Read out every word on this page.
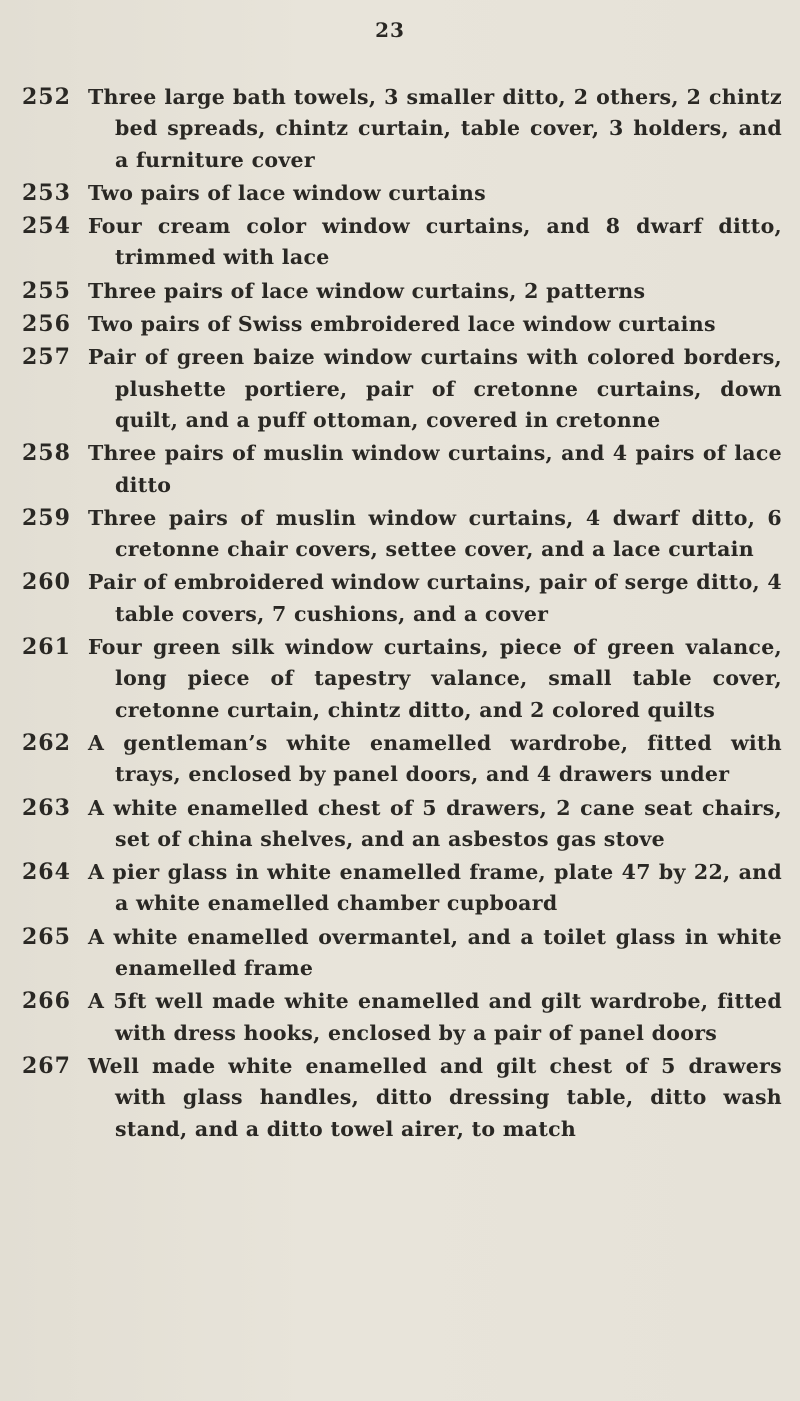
23
252 Three large bath towels, 3 smaller ditto, 2 others, 2 chintz bed spreads, chintz curtain, table cover, 3 holders, and a furniture cover
253 Two pairs of lace window curtains
254 Four cream color window curtains, and 8 dwarf ditto, trimmed with lace
255 Three pairs of lace window curtains, 2 patterns
256 Two pairs of Swiss embroidered lace window curtains
257 Pair of green baize window curtains with colored borders, plushette portiere, pair of cretonne curtains, down quilt, and a puff ottoman, covered in cretonne
258 Three pairs of muslin window curtains, and 4 pairs of lace ditto
259 Three pairs of muslin window curtains, 4 dwarf ditto, 6 cretonne chair covers, settee cover, and a lace curtain
260 Pair of embroidered window curtains, pair of serge ditto, 4 table covers, 7 cushions, and a cover
261 Four green silk window curtains, piece of green valance, long piece of tapestry valance, small table cover, cretonne curtain, chintz ditto, and 2 colored quilts
262 A gentleman’s white enamelled wardrobe, fitted with trays, enclosed by panel doors, and 4 drawers under
263 A white enamelled chest of 5 drawers, 2 cane seat chairs, set of china shelves, and an asbestos gas stove
264 A pier glass in white enamelled frame, plate 47 by 22, and a white enamelled chamber cupboard
265 A white enamelled overmantel, and a toilet glass in white enamelled frame
266 A 5ft well made white enamelled and gilt wardrobe, fitted with dress hooks, enclosed by a pair of panel doors
267 Well made white enamelled and gilt chest of 5 drawers with glass handles, ditto dressing table, ditto wash stand, and a ditto towel airer, to match
